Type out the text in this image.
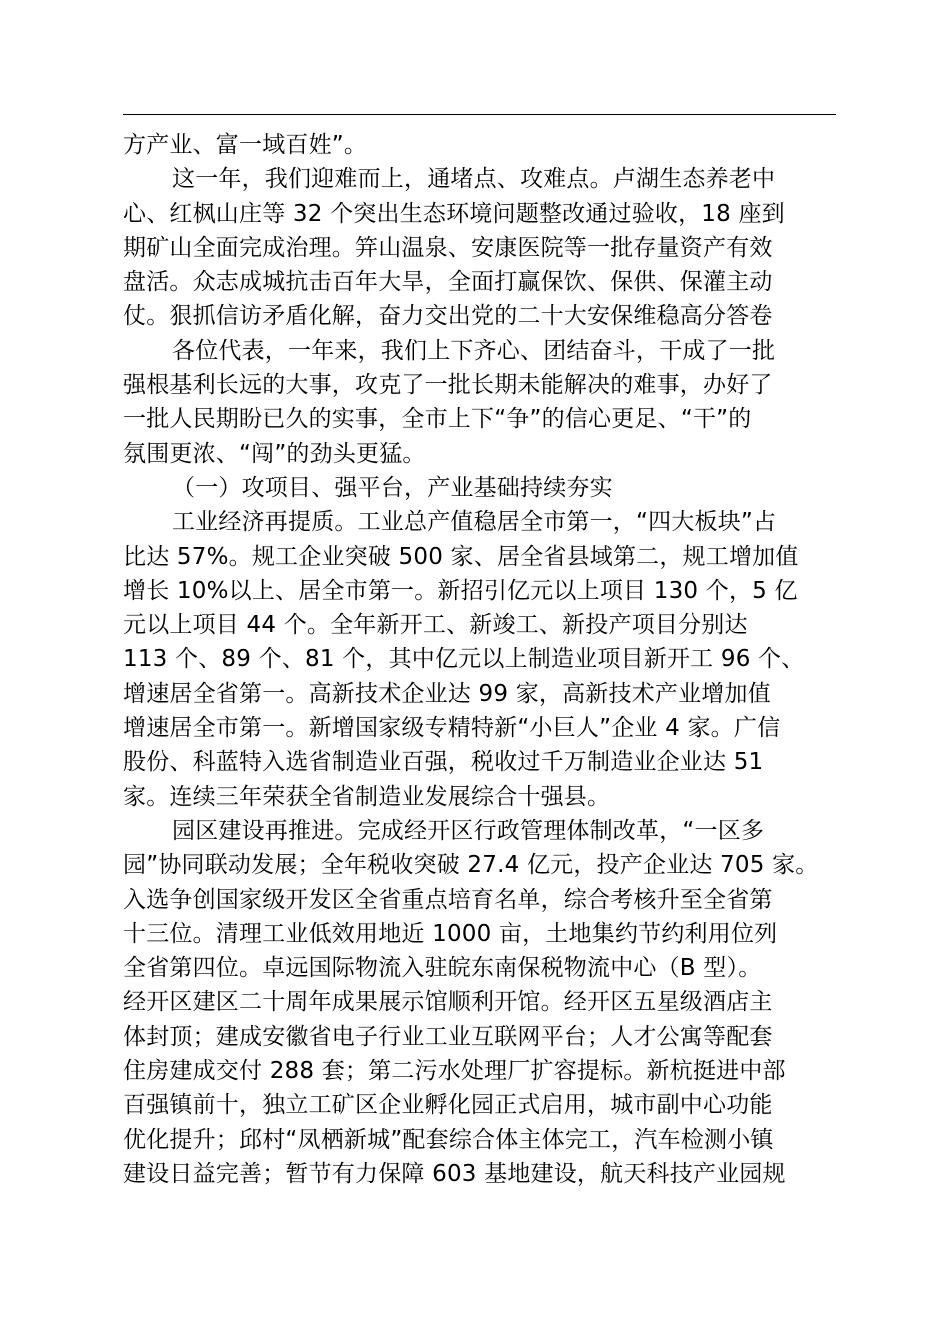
方产业、富一域百姓”。
这一年，我们迎难而上，通堵点、攻难点。卢湖生态养老中
心、红枫山庄等 32 个突出生态环境问题整改通过验收，18 座到
期矿山全面完成治理。笄山温泉、安康医院等一批存量资产有效
盘活。众志成城抗击百年大旱，全面打赢保饮、保供、保灌主动
仗。狠抓信访矛盾化解，奋力交出党的二十大安保维稳高分答卷
各位代表，一年来，我们上下齐心、团结奋斗，干成了一批
强根基利长远的大事，攻克了一批长期未能解决的难事，办好了
一批人民期盼已久的实事，全市上下“争”的信心更足、“干”的
氛围更浓、“闯”的劲头更猛。
（一）攻项目、强平台，产业基础持续夯实
工业经济再提质。工业总产值稳居全市第一，“四大板块”占
比达 57%。规工企业突破 500 家、居全省县域第二，规工增加值
增长 10%以上、居全市第一。新招引亿元以上项目 130 个，5 亿
元以上项目 44 个。全年新开工、新竣工、新投产项目分别达
113 个、89 个、81 个，其中亿元以上制造业项目新开工 96 个、
增速居全省第一。高新技术企业达 99 家，高新技术产业增加值
增速居全市第一。新增国家级专精特新“小巨人”企业 4 家。广信
股份、科蓝特入选省制造业百强，税收过千万制造业企业达 51
家。连续三年荣获全省制造业发展综合十强县。
园区建设再推进。完成经开区行政管理体制改革，“一区多
园”协同联动发展；全年税收突破 27.4 亿元，投产企业达 705 家。
入选争创国家级开发区全省重点培育名单，综合考核升至全省第
十三位。清理工业低效用地近 1000 亩，土地集约节约利用位列
全省第四位。卓远国际物流入驻皖东南保税物流中心（B 型）。
经开区建区二十周年成果展示馆顺利开馆。经开区五星级酒店主
体封顶；建成安徽省电子行业工业互联网平台；人才公寓等配套
住房建成交付 288 套；第二污水处理厂扩容提标。新杭挺进中部
百强镇前十，独立工矿区企业孵化园正式启用，城市副中心功能
优化提升；邱村“凤栖新城”配套综合体主体完工，汽车检测小镇
建设日益完善；暂节有力保障 603 基地建设，航天科技产业园规
